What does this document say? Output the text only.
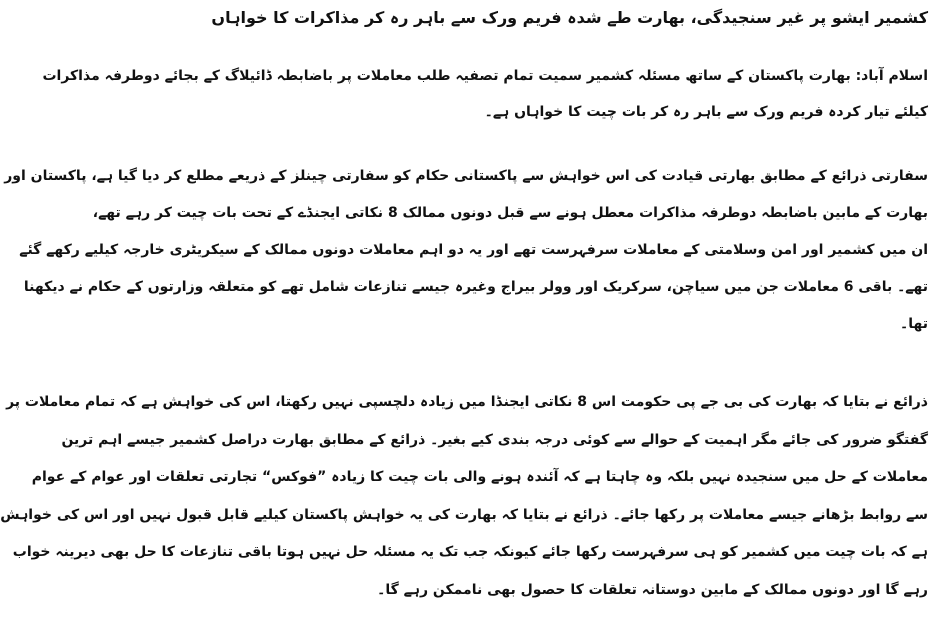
کشمیر ایشو پر غیر سنجیدگی، بھارت طے شدہ فریم ورک سے باہر رہ کر مذاکرات کا خواہاں
اسلام آباد: بھارت پاکستان کے ساتھ مسئلہ کشمیر سمیت تمام تصفیہ طلب معاملات پر باضابطہ ڈائیلاگ کے بجائے دوطرفہ مذاکرات
کیلئے تیار کردہ فریم ورک سے باہر رہ کر بات چیت کا خواہاں ہے۔
سفارتی ذرائع کے مطابق بھارتی قیادت کی اس خواہش سے پاکستانی حکام کو سفارتی چینلز کے ذریعے مطلع کر دیا گیا ہے، پاکستان اور
بھارت کے مابین باضابطہ دوطرفہ مذاکرات معطل ہونے سے قبل دونوں ممالک 8 نکاتی ایجنڈے کے تحت بات چیت کر رہے تھے،
ان میں کشمیر اور امن وسلامتی کے معاملات سرفہرست تھے اور یہ دو اہم معاملات دونوں ممالک کے سیکریٹری خارجہ کیلیے رکھے گئے
تھے۔ باقی 6 معاملات جن میں سیاچن، سرکریک اور وولر بیراج وغیرہ جیسے تنازعات شامل تھے کو متعلقہ وزارتوں کے حکام نے دیکھنا
تھا۔
ذرائع نے بتایا کہ بھارت کی بی جے پی حکومت اس 8 نکاتی ایجنڈا میں زیادہ دلچسپی نہیں رکھتا، اس کی خواہش ہے کہ تمام معاملات پر
گفتگو ضرور کی جائے مگر اہمیت کے حوالے سے کوئی درجہ بندی کیے بغیر۔ ذرائع کے مطابق بھارت دراصل کشمیر جیسے اہم ترین
معاملات کے حل میں سنجیدہ نہیں بلکہ وہ چاہتا ہے کہ آئندہ ہونے والی بات چیت کا زیادہ ”فوکس“ تجارتی تعلقات اور عوام کے عوام
سے روابط بڑھانے جیسے معاملات پر رکھا جائے۔ ذرائع نے بتایا کہ بھارت کی یہ خواہش پاکستان کیلیے قابل قبول نہیں اور اس کی خواہش
ہے کہ بات چیت میں کشمیر کو ہی سرفہرست رکھا جائے کیونکہ جب تک یہ مسئلہ حل نہیں ہوتا باقی تنازعات کا حل بھی دیرینہ خواب
رہے گا اور دونوں ممالک کے مابین دوستانہ تعلقات کا حصول بھی ناممکن رہے گا۔
